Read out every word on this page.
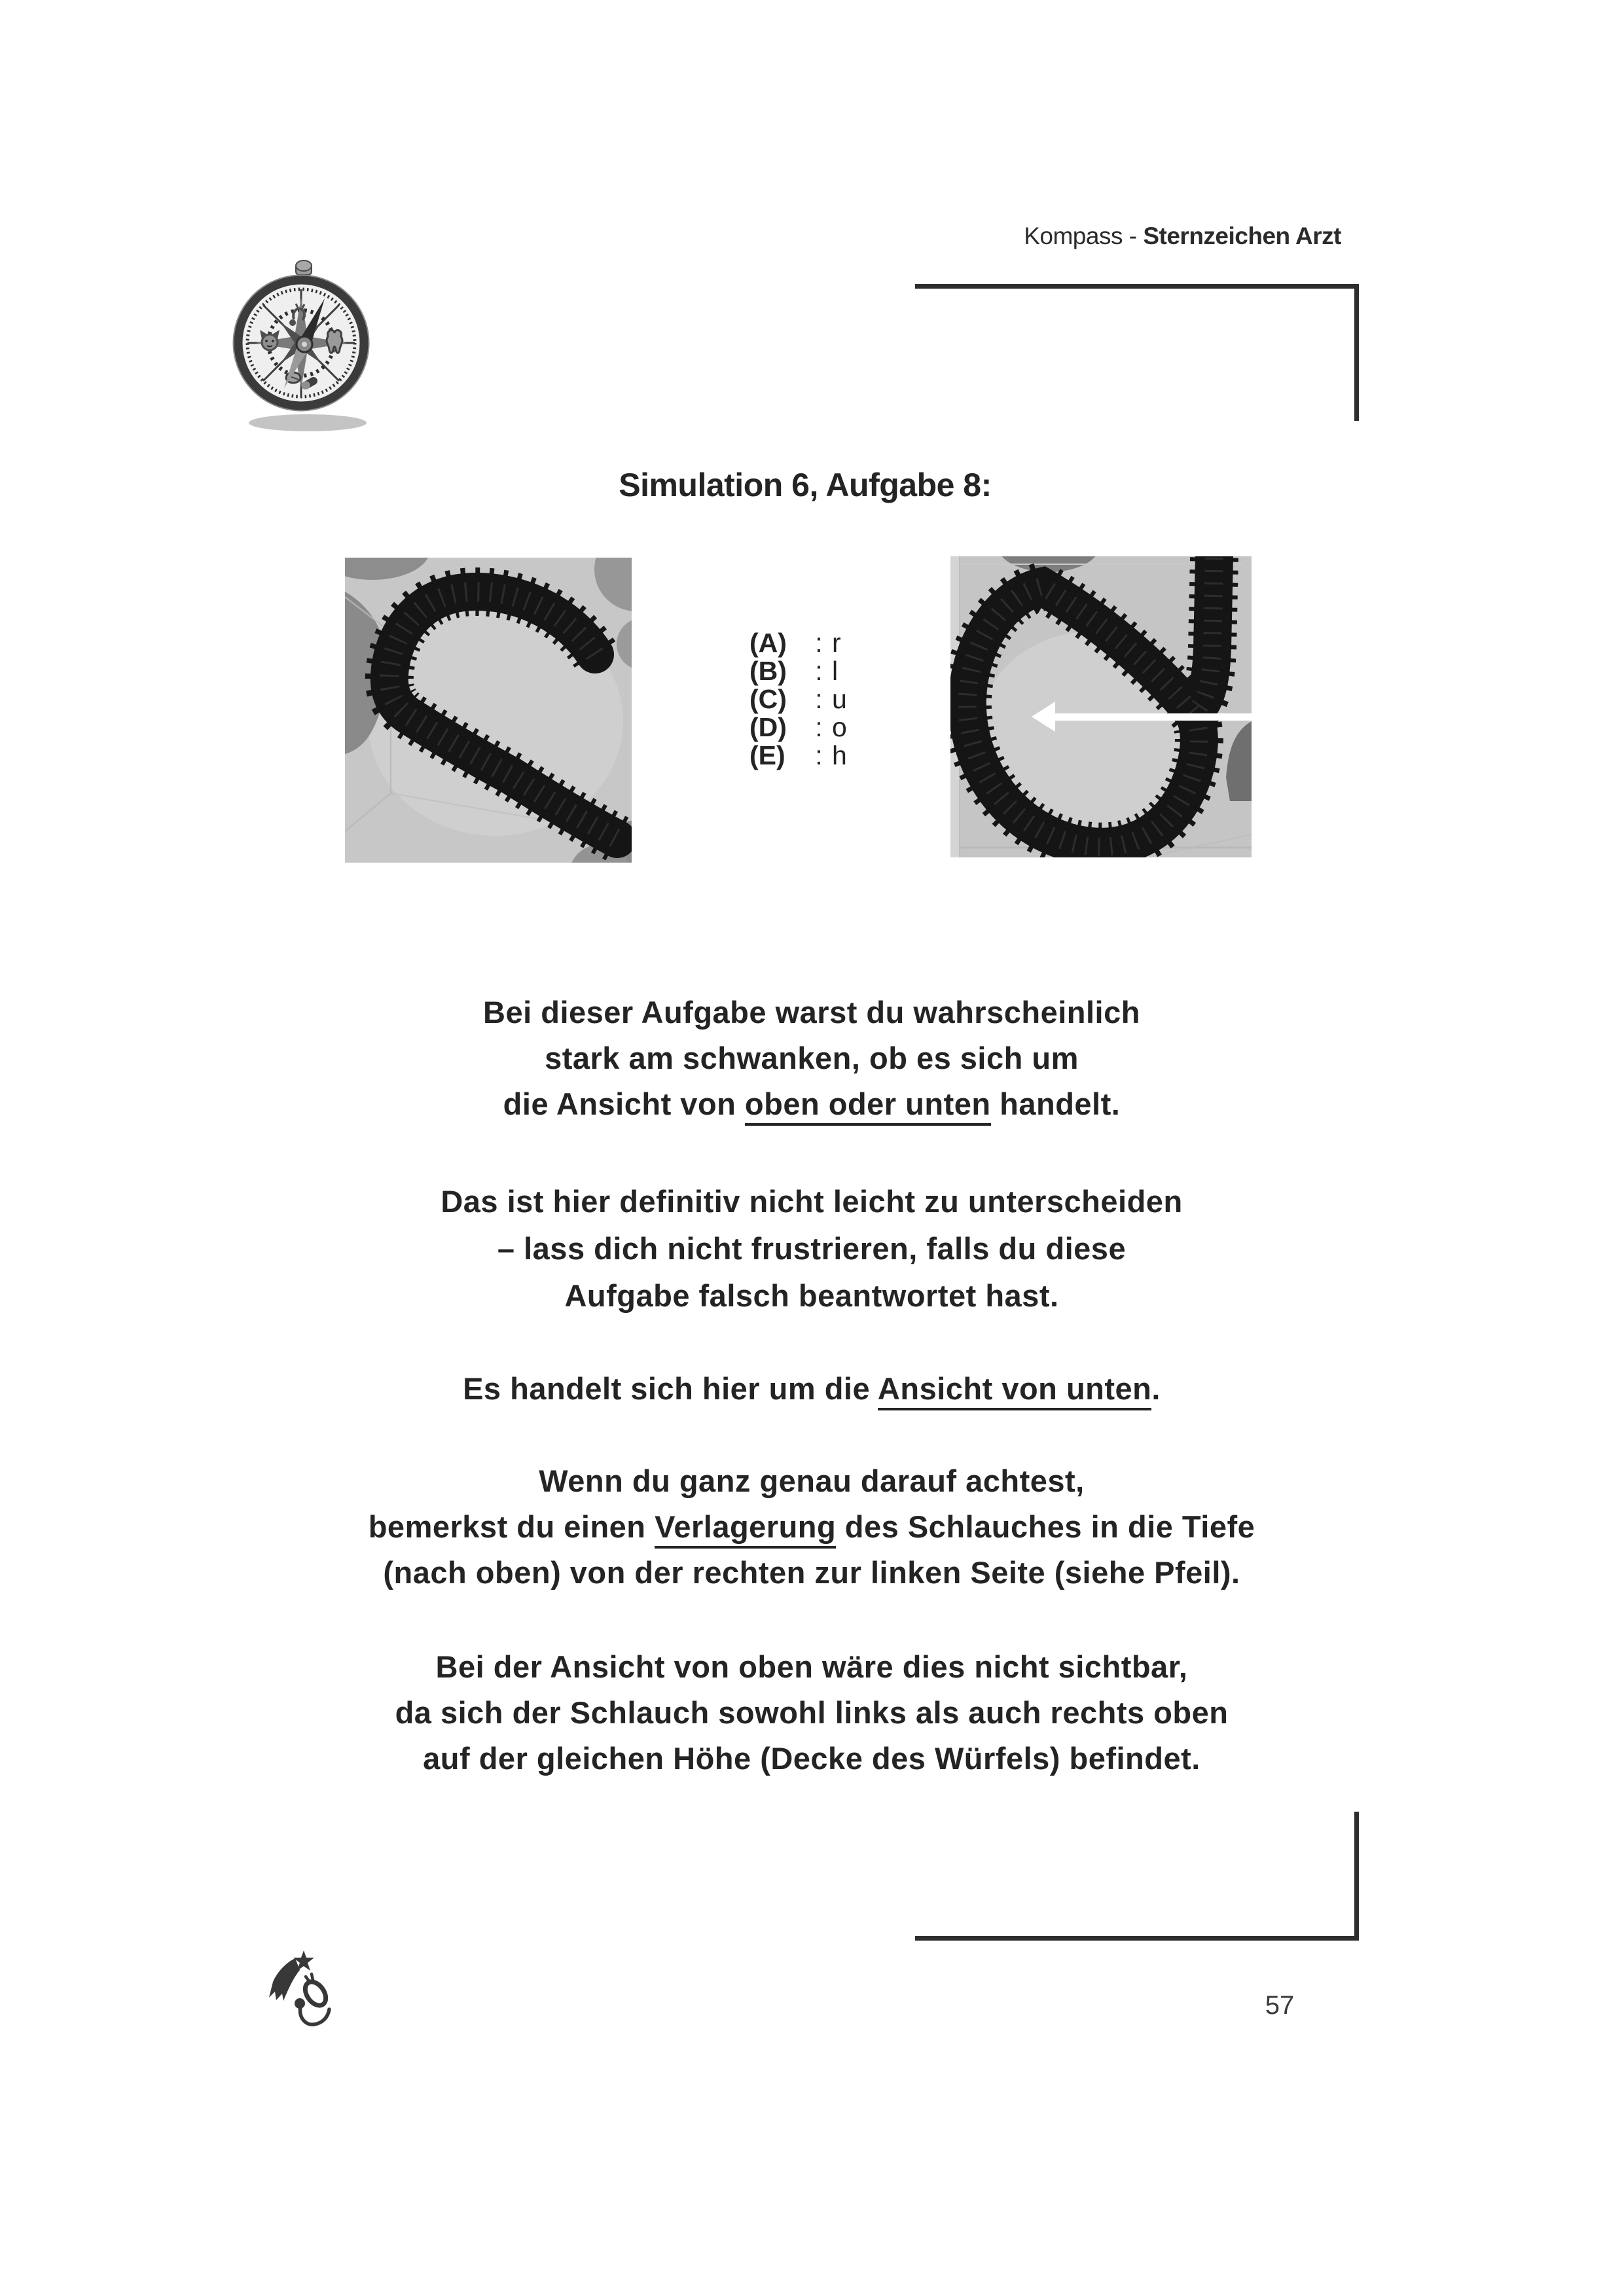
Kompass - Sternzeichen Arzt
Simulation 6, Aufgabe 8:
(A)	: r
(B)	: l
(C)	: u
(D)	: o
(E)	: h
Bei dieser Aufgabe warst du wahrscheinlich
stark am schwanken, ob es sich um
die Ansicht von oben oder unten handelt.
Das ist hier definitiv nicht leicht zu unterscheiden
– lass dich nicht frustrieren, falls du diese
Aufgabe falsch beantwortet hast.
Es handelt sich hier um die Ansicht von unten.
Wenn du ganz genau darauf achtest,
bemerkst du einen Verlagerung des Schlauches in die Tiefe
(nach oben) von der rechten zur linken Seite (siehe Pfeil).
Bei der Ansicht von oben wäre dies nicht sichtbar,
da sich der Schlauch sowohl links als auch rechts oben
auf der gleichen Höhe (Decke des Würfels) befindet.
57
